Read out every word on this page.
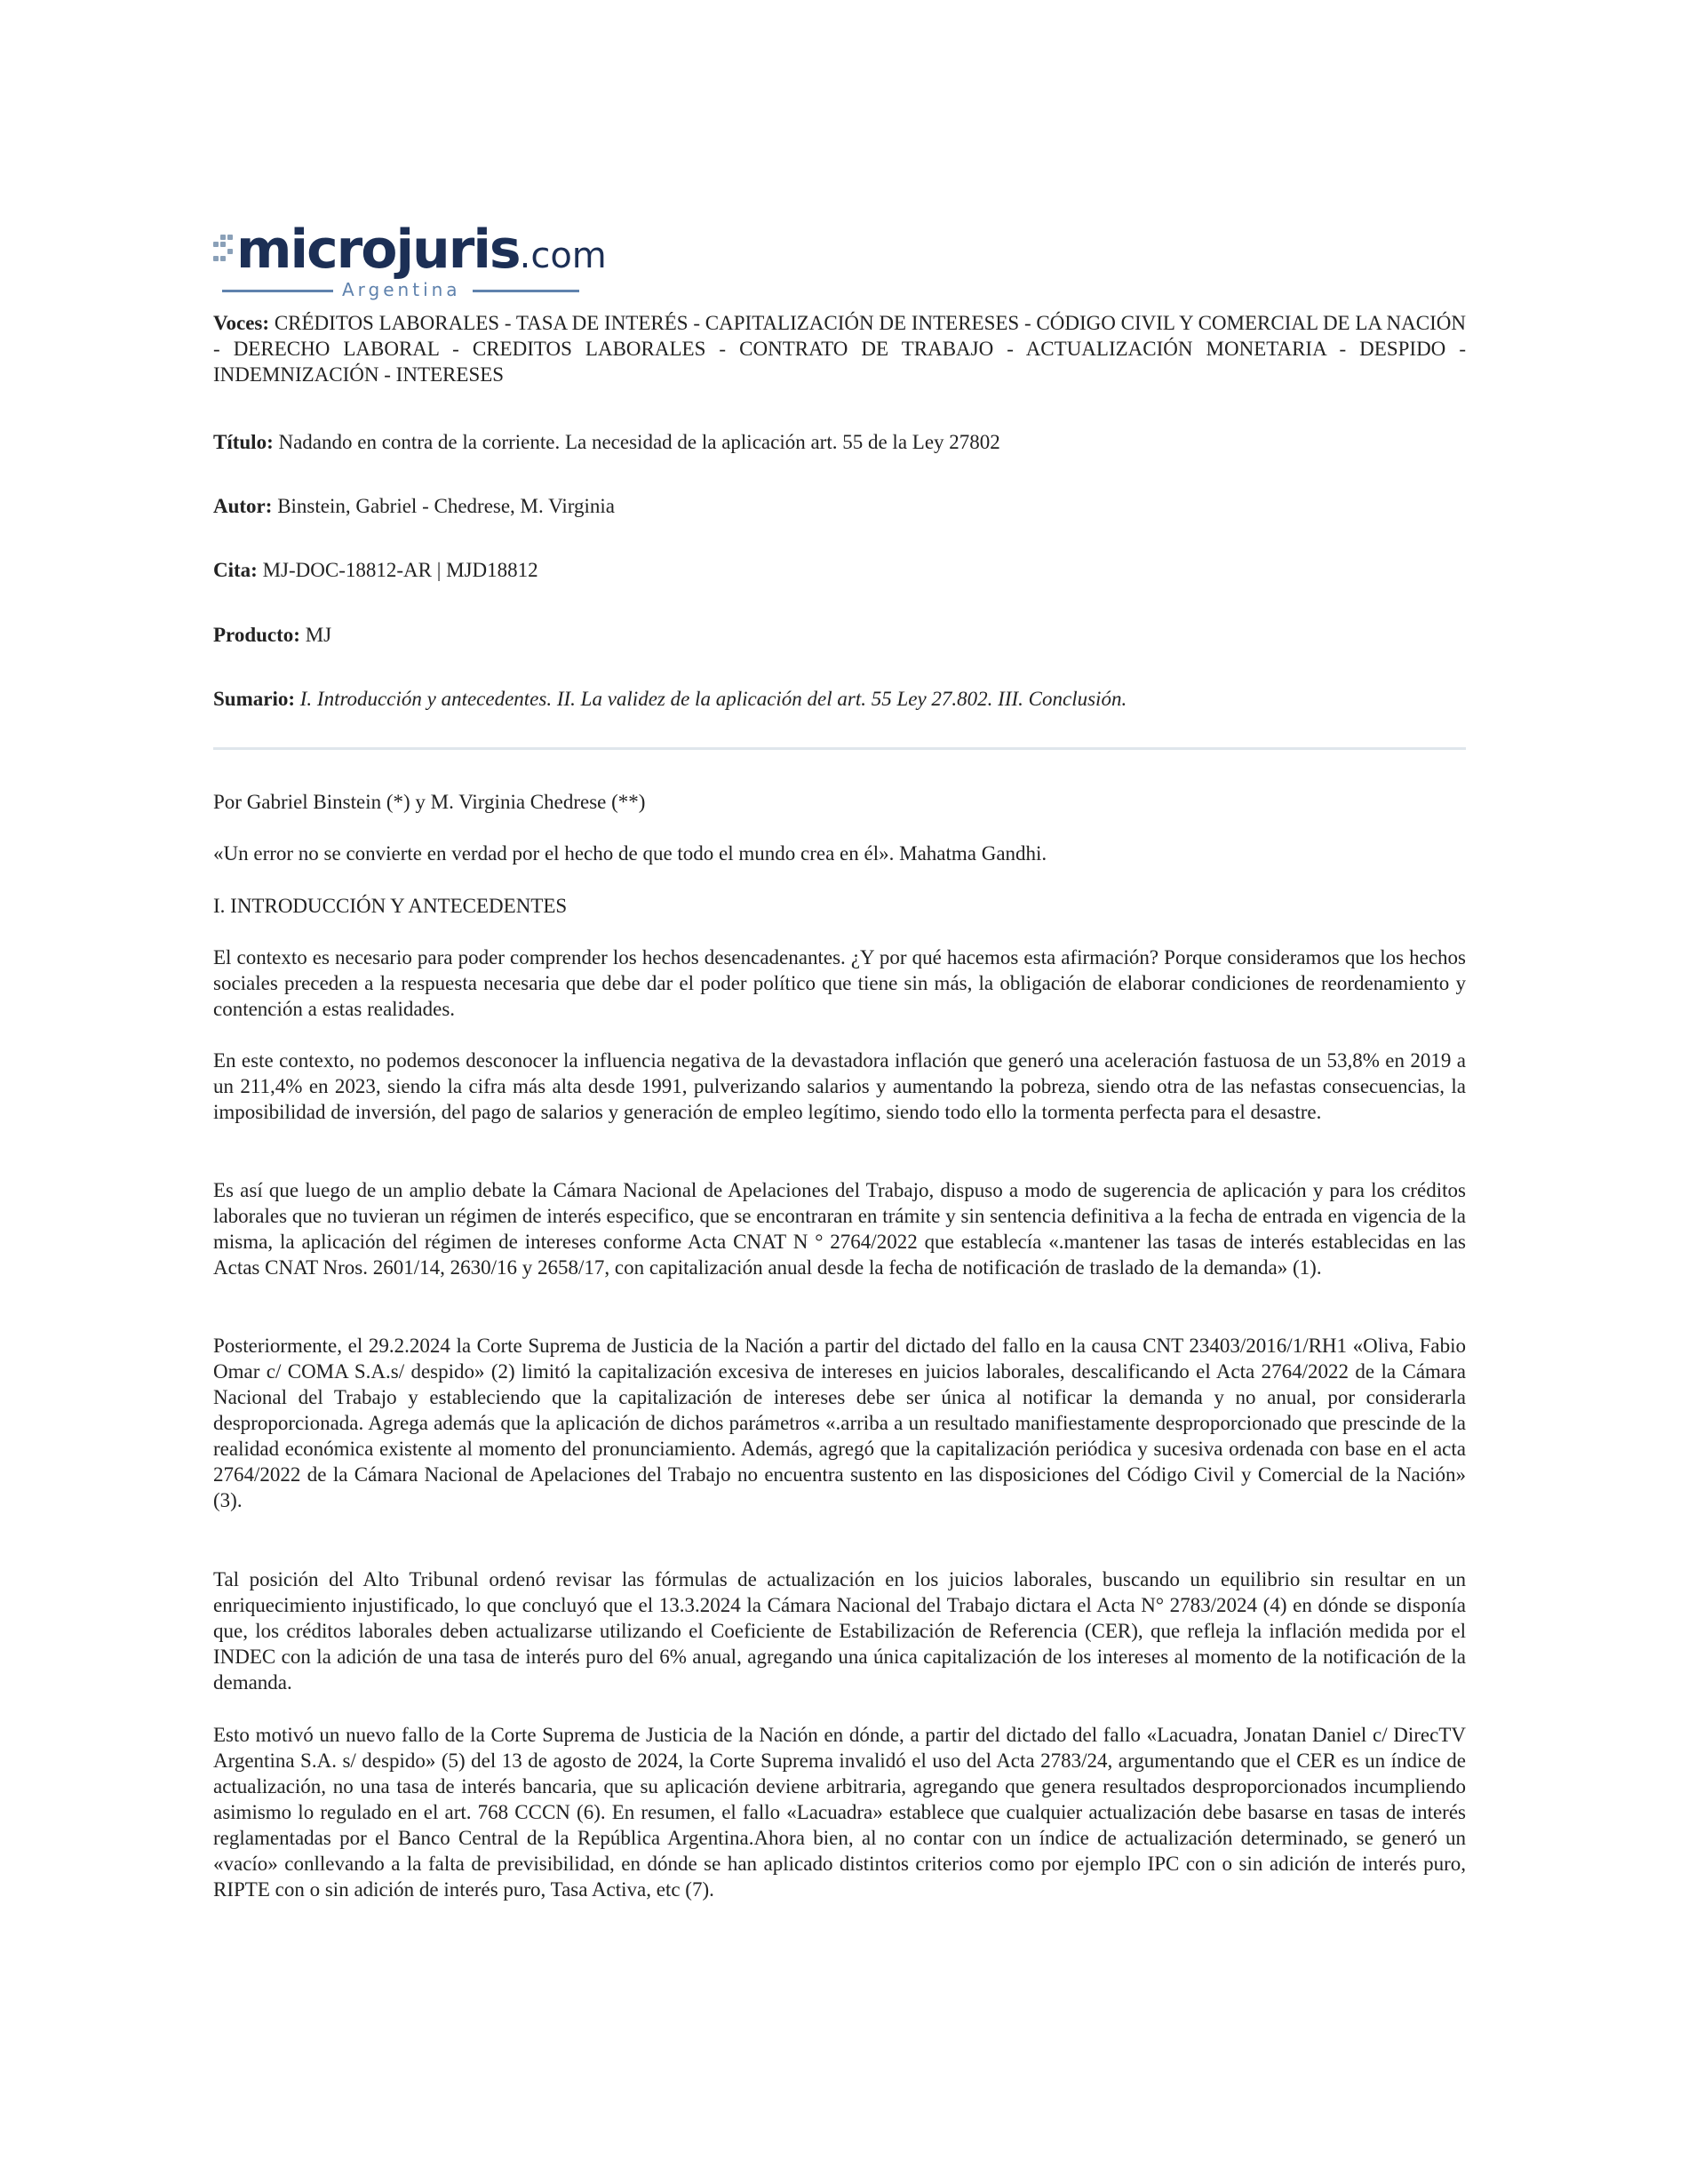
microjuris.com
Argentina
Voces: CRÉDITOS LABORALES - TASA DE INTERÉS - CAPITALIZACIÓN DE INTERESES - CÓDIGO CIVIL Y COMERCIAL DE LA NACIÓN - DERECHO LABORAL - CREDITOS LABORALES - CONTRATO DE TRABAJO - ACTUALIZACIÓN MONETARIA - DESPIDO - INDEMNIZACIÓN - INTERESES
Título: Nadando en contra de la corriente. La necesidad de la aplicación art. 55 de la Ley 27802
Autor: Binstein, Gabriel - Chedrese, M. Virginia
Cita: MJ-DOC-18812-AR | MJD18812
Producto: MJ
Sumario: I. Introducción y antecedentes. II. La validez de la aplicación del art. 55 Ley 27.802. III. Conclusión.
Por Gabriel Binstein (*) y M. Virginia Chedrese (**)
«Un error no se convierte en verdad por el hecho de que todo el mundo crea en él». Mahatma Gandhi.
I. INTRODUCCIÓN Y ANTECEDENTES
El contexto es necesario para poder comprender los hechos desencadenantes. ¿Y por qué hacemos esta afirmación? Porque consideramos que los hechos sociales preceden a la respuesta necesaria que debe dar el poder político que tiene sin más, la obligación de elaborar condiciones de reordenamiento y contención a estas realidades.
En este contexto, no podemos desconocer la influencia negativa de la devastadora inflación que generó una aceleración fastuosa de un 53,8% en 2019 a un 211,4% en 2023, siendo la cifra más alta desde 1991, pulverizando salarios y aumentando la pobreza, siendo otra de las nefastas consecuencias, la imposibilidad de inversión, del pago de salarios y generación de empleo legítimo, siendo todo ello la tormenta perfecta para el desastre.
Es así que luego de un amplio debate la Cámara Nacional de Apelaciones del Trabajo, dispuso a modo de sugerencia de aplicación y para los créditos laborales que no tuvieran un régimen de interés especifico, que se encontraran en trámite y sin sentencia definitiva a la fecha de entrada en vigencia de la misma, la aplicación del régimen de intereses conforme Acta CNAT N ° 2764/2022 que establecía «.mantener las tasas de interés establecidas en las Actas CNAT Nros. 2601/14, 2630/16 y 2658/17, con capitalización anual desde la fecha de notificación de traslado de la demanda» (1).
Posteriormente, el 29.2.2024 la Corte Suprema de Justicia de la Nación a partir del dictado del fallo en la causa CNT 23403/2016/1/RH1 «Oliva, Fabio Omar c/ COMA S.A.s/ despido» (2) limitó la capitalización excesiva de intereses en juicios laborales, descalificando el Acta 2764/2022 de la Cámara Nacional del Trabajo y estableciendo que la capitalización de intereses debe ser única al notificar la demanda y no anual, por considerarla desproporcionada. Agrega además que la aplicación de dichos parámetros «.arriba a un resultado manifiestamente desproporcionado que prescinde de la realidad económica existente al momento del pronunciamiento. Además, agregó que la capitalización periódica y sucesiva ordenada con base en el acta 2764/2022 de la Cámara Nacional de Apelaciones del Trabajo no encuentra sustento en las disposiciones del Código Civil y Comercial de la Nación» (3).
Tal posición del Alto Tribunal ordenó revisar las fórmulas de actualización en los juicios laborales, buscando un equilibrio sin resultar en un enriquecimiento injustificado, lo que concluyó que el 13.3.2024 la Cámara Nacional del Trabajo dictara el Acta N° 2783/2024 (4) en dónde se disponía que, los créditos laborales deben actualizarse utilizando el Coeficiente de Estabilización de Referencia (CER), que refleja la inflación medida por el INDEC con la adición de una tasa de interés puro del 6% anual, agregando una única capitalización de los intereses al momento de la notificación de la demanda.
Esto motivó un nuevo fallo de la Corte Suprema de Justicia de la Nación en dónde, a partir del dictado del fallo «Lacuadra, Jonatan Daniel c/ DirecTV Argentina S.A. s/ despido» (5) del 13 de agosto de 2024, la Corte Suprema invalidó el uso del Acta 2783/24, argumentando que el CER es un índice de actualización, no una tasa de interés bancaria, que su aplicación deviene arbitraria, agregando que genera resultados desproporcionados incumpliendo asimismo lo regulado en el art. 768 CCCN (6). En resumen, el fallo «Lacuadra» establece que cualquier actualización debe basarse en tasas de interés reglamentadas por el Banco Central de la República Argentina.Ahora bien, al no contar con un índice de actualización determinado, se generó un «vacío» conllevando a la falta de previsibilidad, en dónde se han aplicado distintos criterios como por ejemplo IPC con o sin adición de interés puro, RIPTE con o sin adición de interés puro, Tasa Activa, etc (7).
